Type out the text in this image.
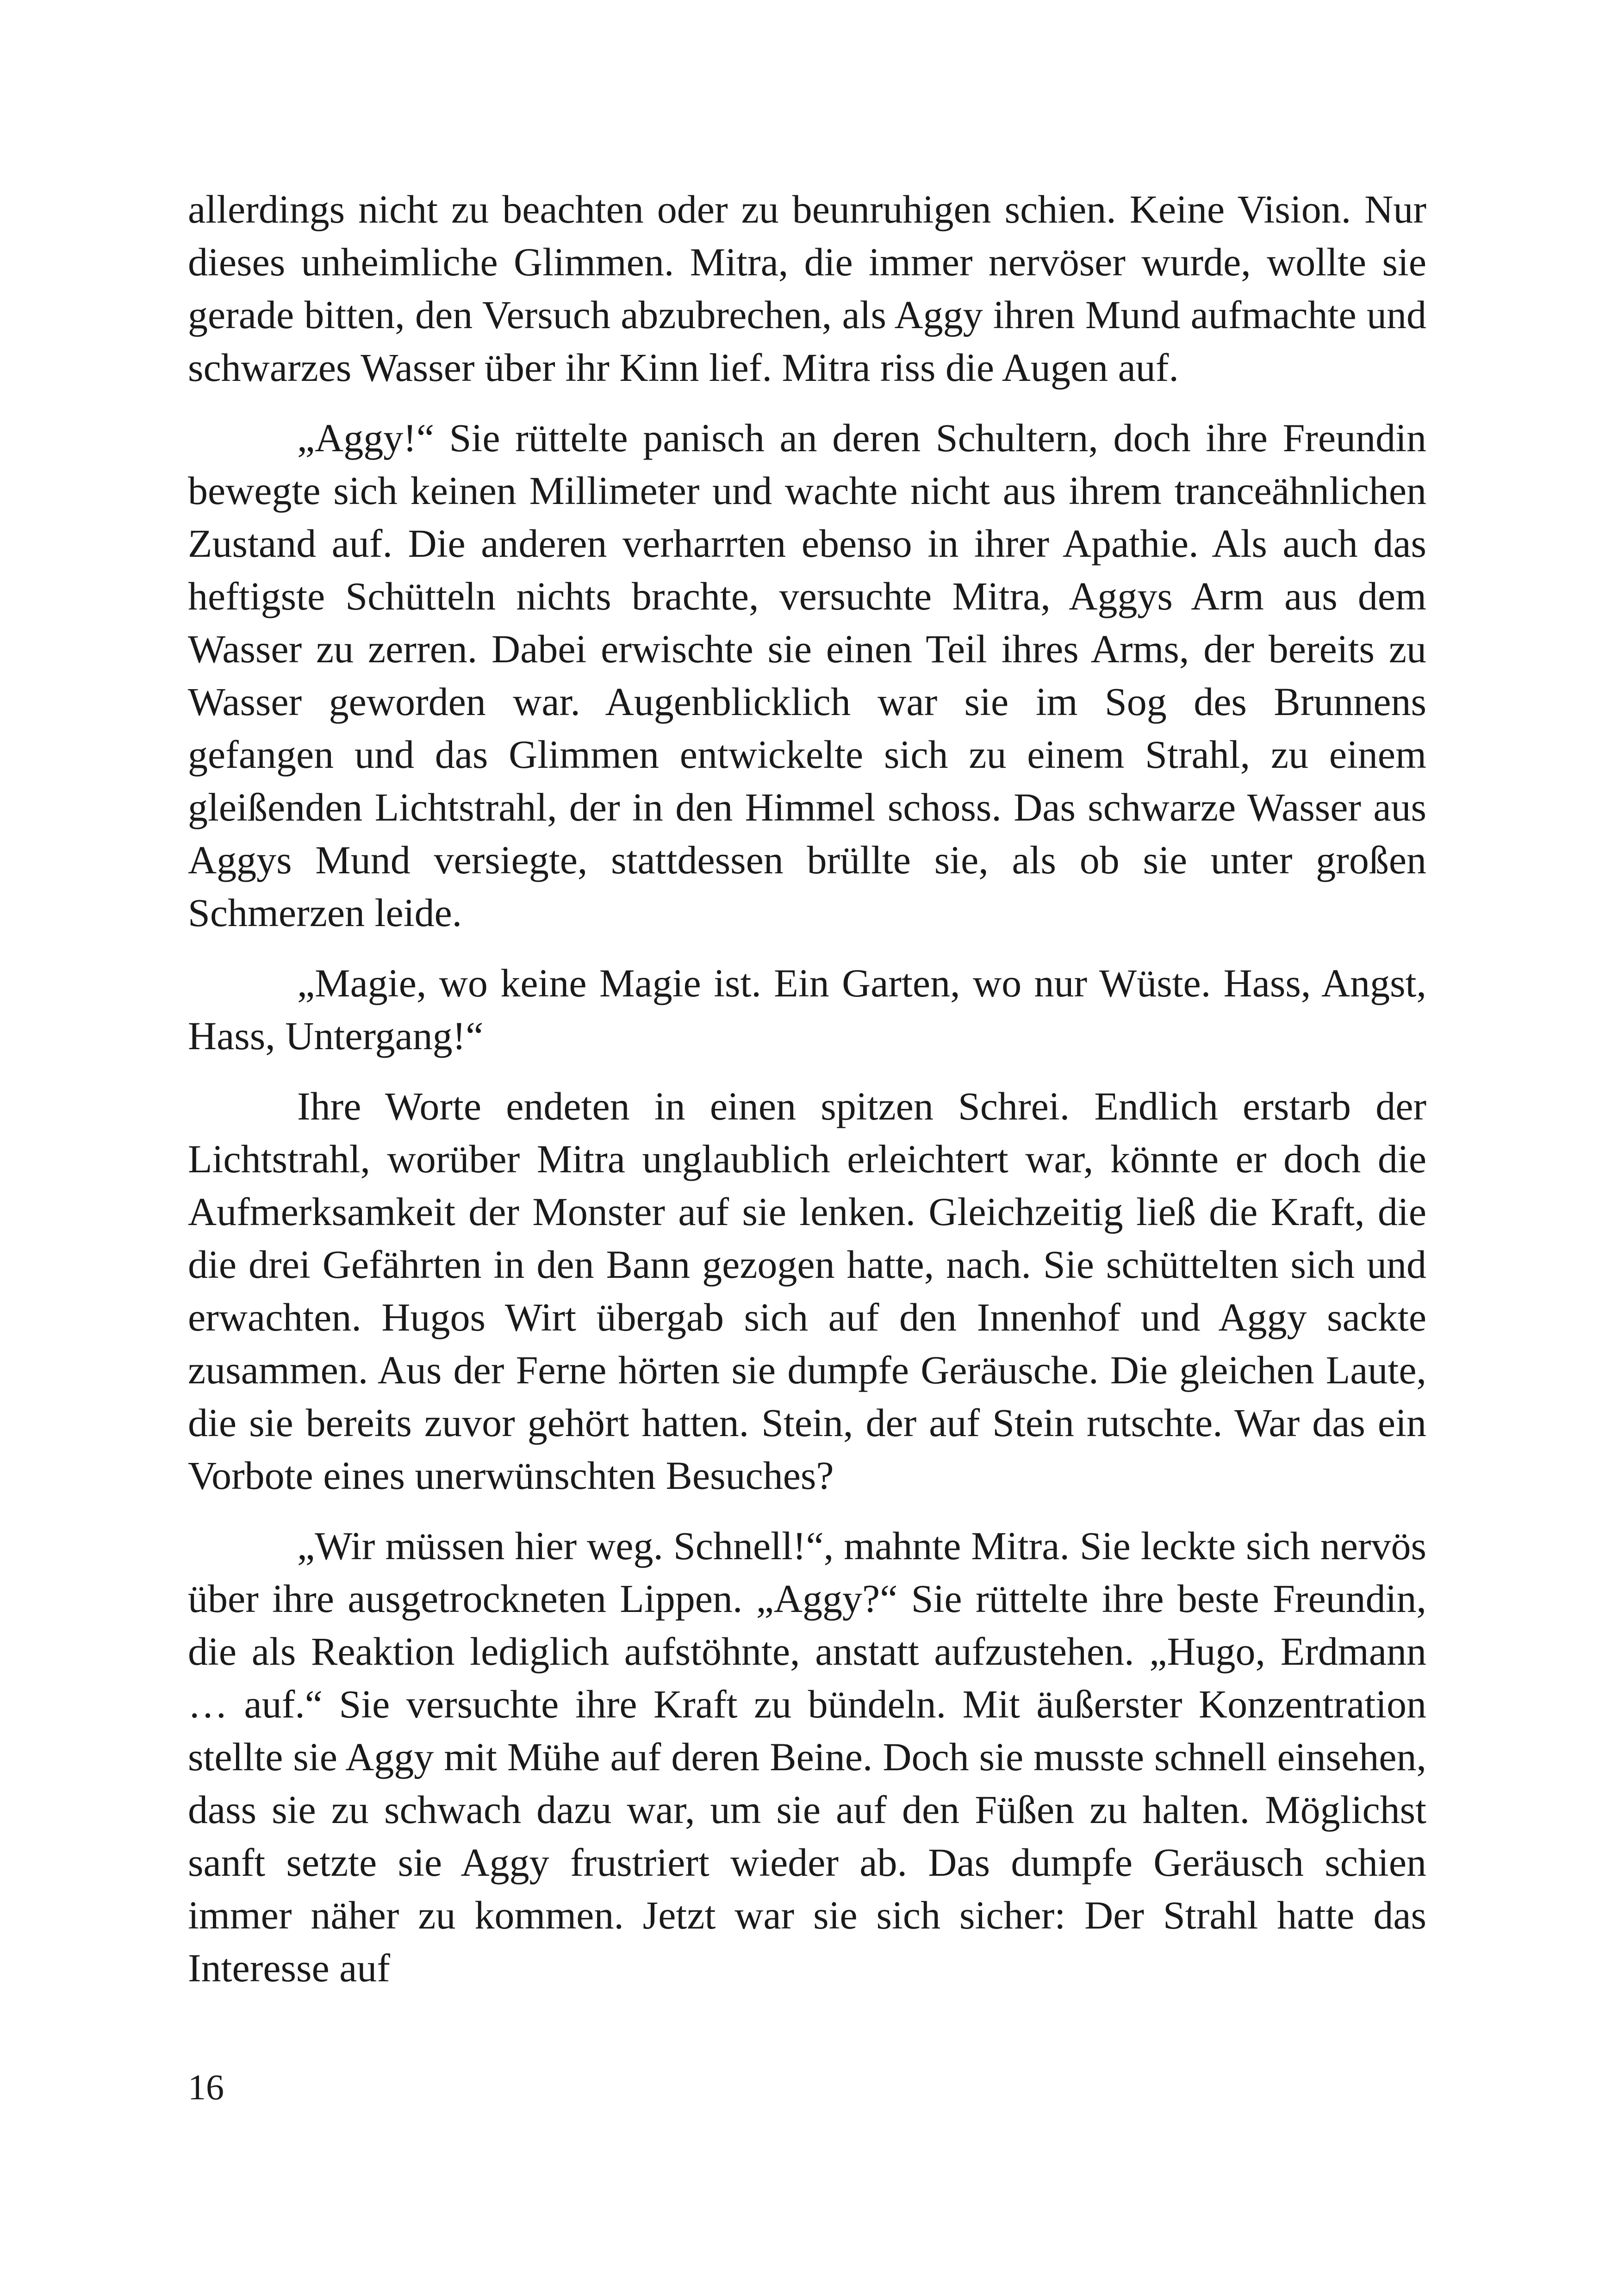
allerdings nicht zu beachten oder zu beunruhigen schien. Keine Vision. Nur dieses unheimliche Glimmen. Mitra, die immer nervöser wurde, wollte sie gerade bitten, den Versuch abzubrechen, als Aggy ihren Mund aufmachte und schwarzes Wasser über ihr Kinn lief. Mitra riss die Augen auf.

„Aggy!“ Sie rüttelte panisch an deren Schultern, doch ihre Freundin bewegte sich keinen Millimeter und wachte nicht aus ihrem tranceähnlichen Zustand auf. Die anderen verharrten ebenso in ihrer Apathie. Als auch das heftigste Schütteln nichts brachte, versuchte Mitra, Aggys Arm aus dem Wasser zu zerren. Dabei erwischte sie einen Teil ihres Arms, der bereits zu Wasser geworden war. Augenblicklich war sie im Sog des Brunnens gefangen und das Glimmen entwickelte sich zu einem Strahl, zu einem gleißenden Lichtstrahl, der in den Himmel schoss. Das schwarze Wasser aus Aggys Mund versiegte, stattdessen brüllte sie, als ob sie unter großen Schmerzen leide.

„Magie, wo keine Magie ist. Ein Garten, wo nur Wüste. Hass, Angst, Hass, Untergang!“

Ihre Worte endeten in einen spitzen Schrei. Endlich erstarb der Lichtstrahl, worüber Mitra unglaublich erleichtert war, könnte er doch die Aufmerksamkeit der Monster auf sie lenken. Gleichzeitig ließ die Kraft, die die drei Gefährten in den Bann gezogen hatte, nach. Sie schüttelten sich und erwachten. Hugos Wirt übergab sich auf den Innenhof und Aggy sackte zusammen. Aus der Ferne hörten sie dumpfe Geräusche. Die gleichen Laute, die sie bereits zuvor gehört hatten. Stein, der auf Stein rutschte. War das ein Vorbote eines unerwünschten Besuches?

„Wir müssen hier weg. Schnell!“, mahnte Mitra. Sie leckte sich nervös über ihre ausgetrockneten Lippen. „Aggy?“ Sie rüttelte ihre beste Freundin, die als Reaktion lediglich aufstöhnte, anstatt aufzustehen. „Hugo, Erdmann … auf.“ Sie versuchte ihre Kraft zu bündeln. Mit äußerster Konzentration stellte sie Aggy mit Mühe auf deren Beine. Doch sie musste schnell einsehen, dass sie zu schwach dazu war, um sie auf den Füßen zu halten. Möglichst sanft setzte sie Aggy frustriert wieder ab. Das dumpfe Geräusch schien immer näher zu kommen. Jetzt war sie sich sicher: Der Strahl hatte das Interesse auf

16
